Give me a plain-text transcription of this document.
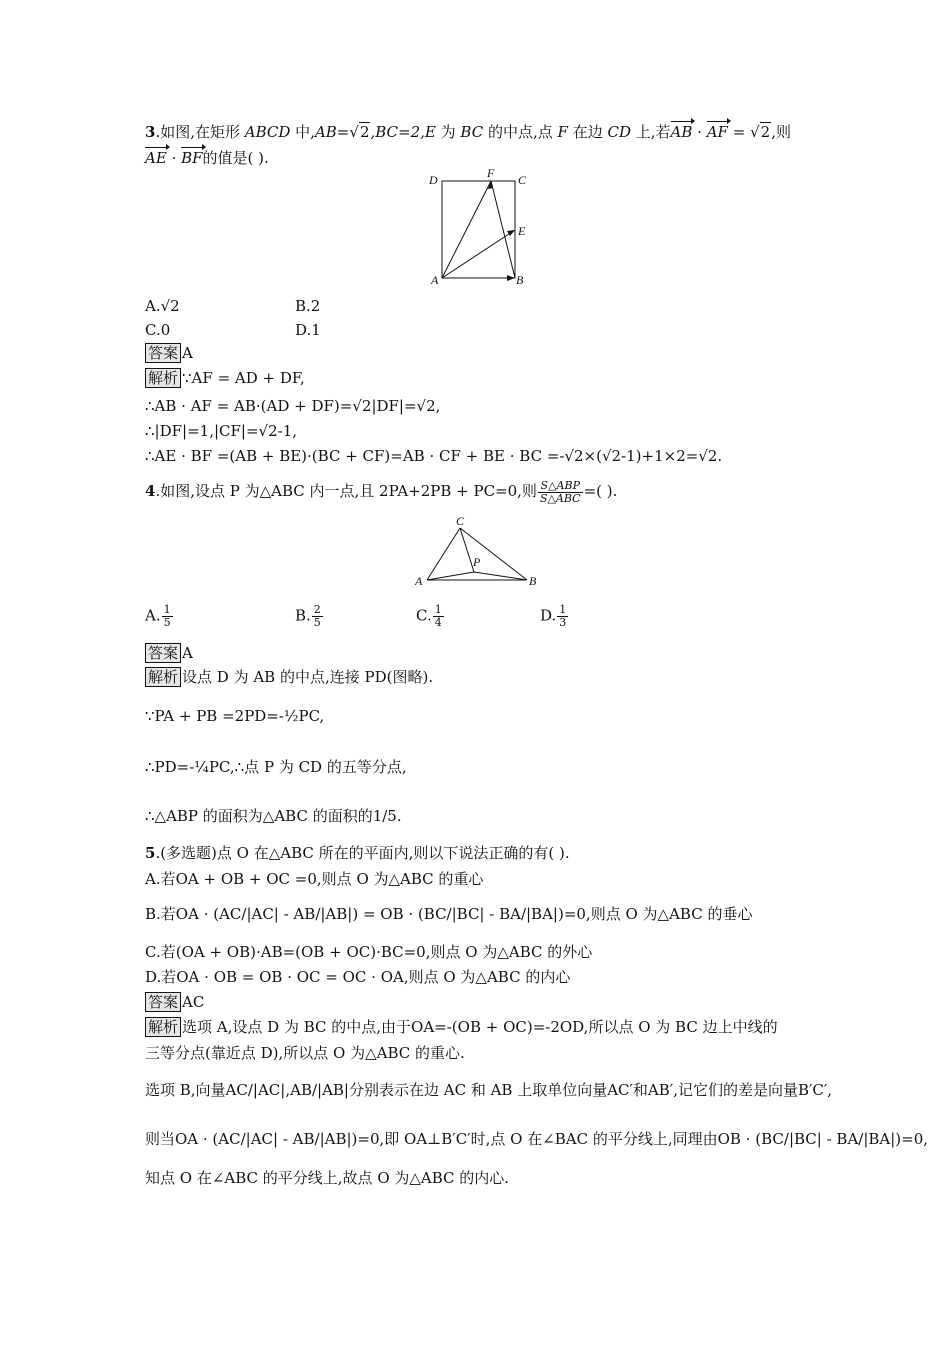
3.如图,在矩形 ABCD 中,AB=√2,BC=2,E 为 BC 的中点,点 F 在边 CD 上,若AB · AF = √2,则
AE · BF的值是( ).
D	F C
E
A	B
A.√2	B.2
C.0	D.1
答案 A
解析 ∵AF = AD + DF,
∴AB · AF = AB·(AD + DF)=√2|DF|=√2,
∴|DF|=1,|CF|=√2-1,
∴AE · BF =(AB + BE)·(BC + CF)=AB · CF + BE · BC =-√2×(√2-1)+1×2=√2.
4.如图,设点 P 为△ABC 内一点,且 2PA+2PB + PC=0,则 $\frac{\text{S△ABP}}{\text{S△ABC}}$ =( ).
C
P
A	B
A. $\frac{1}{5}$	B. $\frac{2}{5}$	C. $\frac{1}{4}$	D. $\frac{1}{3}$
答案 A
解析 设点 D 为 AB 的中点,连接 PD(图略).
∵PA + PB =2PD=-½PC,
∴PD=-¼PC,∴点 P 为 CD 的五等分点,
∴△ABP 的面积为△ABC 的面积的1/5.
5.(多选题)点 O 在△ABC 所在的平面内,则以下说法正确的有( ).
A.若OA + OB + OC =0,则点 O 为△ABC 的重心
B.若OA · (AC/|AC| - AB/|AB|) = OB · (BC/|BC| - BA/|BA|)=0,则点 O 为△ABC 的垂心
C.若(OA + OB)·AB=(OB + OC)·BC=0,则点 O 为△ABC 的外心
D.若OA · OB = OB · OC = OC · OA,则点 O 为△ABC 的内心
答案 AC
解析 选项 A,设点 D 为 BC 的中点,由于OA=-(OB + OC)=-2OD,所以点 O 为 BC 边上中线的
三等分点(靠近点 D),所以点 O 为△ABC 的重心.
选项 B,向量AC/|AC|,AB/|AB|分别表示在边 AC 和 AB 上取单位向量AC′和AB′,记它们的差是向量B′C′,
则当OA · (AC/|AC| - AB/|AB|)=0,即 OA⊥B′C′时,点 O 在∠BAC 的平分线上,同理由OB · (BC/|BC| - BA/|BA|)=0,
知点 O 在∠ABC 的平分线上,故点 O 为△ABC 的内心.
